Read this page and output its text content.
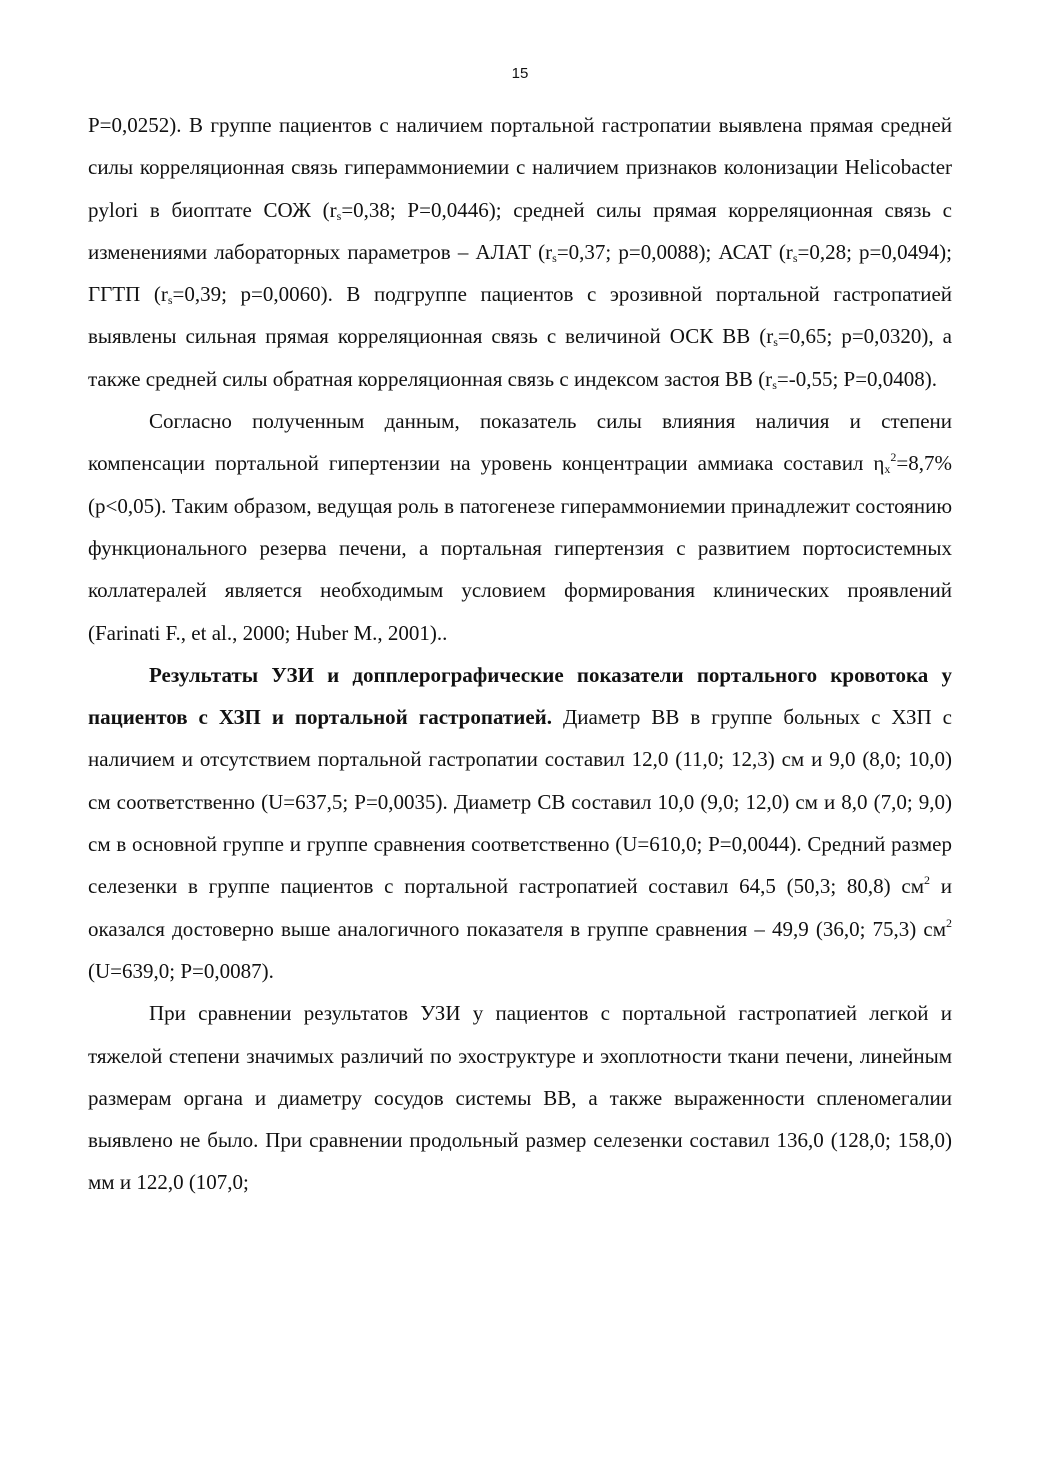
15

P=0,0252). В группе пациентов с наличием портальной гастропатии выявлена прямая средней силы корреляционная связь гипераммониемии с наличием признаков колонизации Helicobacter pylori в биоптате СОЖ ($r_s=0,38$; P=0,0446); средней силы прямая корреляционная связь с изменениями лабораторных параметров – АЛАТ ($r_s=0,37$; p=0,0088); АСАТ ($r_s=0,28$; p=0,0494); ГГТП ($r_s=0,39$; p=0,0060). В подгруппе пациентов с эрозивной портальной гастропатией выявлены сильная прямая корреляционная связь с величиной ОСК ВВ ($r_s=0,65$; p=0,0320), а также средней силы обратная корреляционная связь с индексом застоя ВВ ($r_s=-0,55$; P=0,0408).

Согласно полученным данным, показатель силы влияния наличия и степени компенсации портальной гипертензии на уровень концентрации аммиака составил $\eta_x^2=8,7\%$ (p<0,05). Таким образом, ведущая роль в патогенезе гипераммониемии принадлежит состоянию функционального резерва печени, а портальная гипертензия с развитием портосистемных коллатералей является необходимым условием формирования клинических проявлений (Farinati F., et al., 2000; Huber M., 2001)..

Результаты УЗИ и допплерографические показатели портального кровотока у пациентов с ХЗП и портальной гастропатией. Диаметр ВВ в группе больных с ХЗП с наличием и отсутствием портальной гастропатии составил 12,0 (11,0; 12,3) см и 9,0 (8,0; 10,0) см соответственно (U=637,5; P=0,0035). Диаметр СВ составил 10,0 (9,0; 12,0) см и 8,0 (7,0; 9,0) см в основной группе и группе сравнения соответственно (U=610,0; P=0,0044). Средний размер селезенки в группе пациентов с портальной гастропатией составил 64,5 (50,3; 80,8) $см^2$ и оказался достоверно выше аналогичного показателя в группе сравнения – 49,9 (36,0; 75,3) $см^2$ (U=639,0; P=0,0087).

При сравнении результатов УЗИ у пациентов с портальной гастропатией легкой и тяжелой степени значимых различий по эхоструктуре и эхоплотности ткани печени, линейным размерам органа и диаметру сосудов системы ВВ, а также выраженности спленомегалии выявлено не было. При сравнении продольный размер селезенки составил 136,0 (128,0; 158,0) мм и 122,0 (107,0;
